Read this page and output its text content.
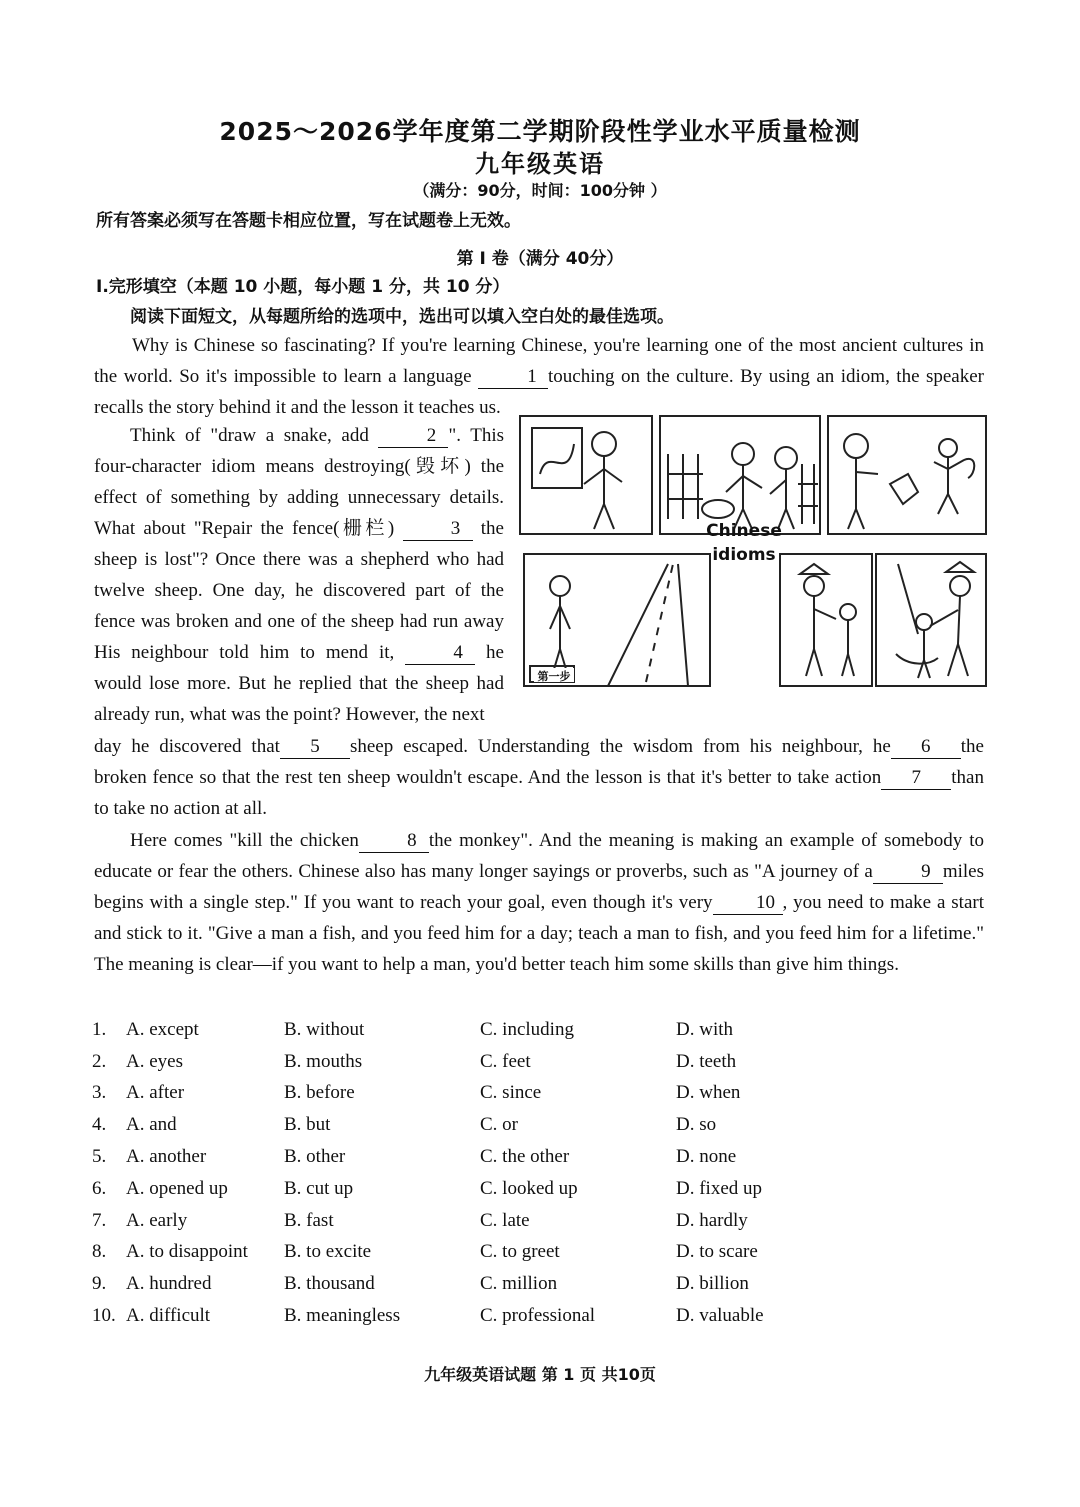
2025～2026学年度第二学期阶段性学业水平质量检测
九年级英语
（满分：90分，时间：100分钟 ）
所有答案必须写在答题卡相应位置，写在试题卷上无效。
第 I 卷（满分 40分）
Ⅰ.完形填空（本题 10 小题，每小题 1 分，共 10 分）
阅读下面短文，从每题所给的选项中，选出可以填入空白处的最佳选项。
Why is Chinese so fascinating? If you're learning Chinese, you're learning one of the most ancient cultures in the world. So it's impossible to learn a language	1 touching on the culture. By using an idiom, the speaker recalls the story behind it and the lesson it teaches us.
Think of "draw a snake, add	2 ". This four-character idiom means destroying(毁坏) the effect of something by adding unnecessary details. What about "Repair the fence(栅栏)	3 the sheep is lost"? Once there was a shepherd who had twelve sheep. One day, he discovered part of the fence was broken and one of the sheep had run away His neighbour told him to mend it,	4 he would lose more. But he replied that the sheep had already run, what was the point? However, the next
第一步
Chinese
idioms
day he discovered that 5 sheep escaped. Understanding the wisdom from his neighbour, he 6 the broken fence so that the rest ten sheep wouldn't escape. And the lesson is that it's better to take action 7 than to take no action at all.
Here comes "kill the chicken	8 the monkey". And the meaning is making an example of somebody to educate or fear the others. Chinese also has many longer sayings or proverbs, such as "A journey of a	9 miles begins with a single step." If you want to reach your goal, even though it's very 10 , you need to make a start and stick to it. "Give a man a fish, and you feed him for a day; teach a man to fish, and you feed him for a lifetime." The meaning is clear—if you want to help a man, you'd better teach him some skills than give him things.
1.	A. except	B. without	C. including	D. with
2.	A. eyes	B. mouths	C. feet	D. teeth
3.	A. after	B. before	C. since	D. when
4.	A. and	B. but	C. or	D. so
5.	A. another	B. other	C. the other	D. none
6.	A. opened up	B. cut up	C. looked up	D. fixed up
7.	A. early	B. fast	C. late	D. hardly
8.	A. to disappoint	B. to excite	C. to greet	D. to scare
9.	A. hundred	B. thousand	C. million	D. billion
10. A. difficult	B. meaningless	C. professional	D. valuable
九年级英语试题 第 1 页 共10页
